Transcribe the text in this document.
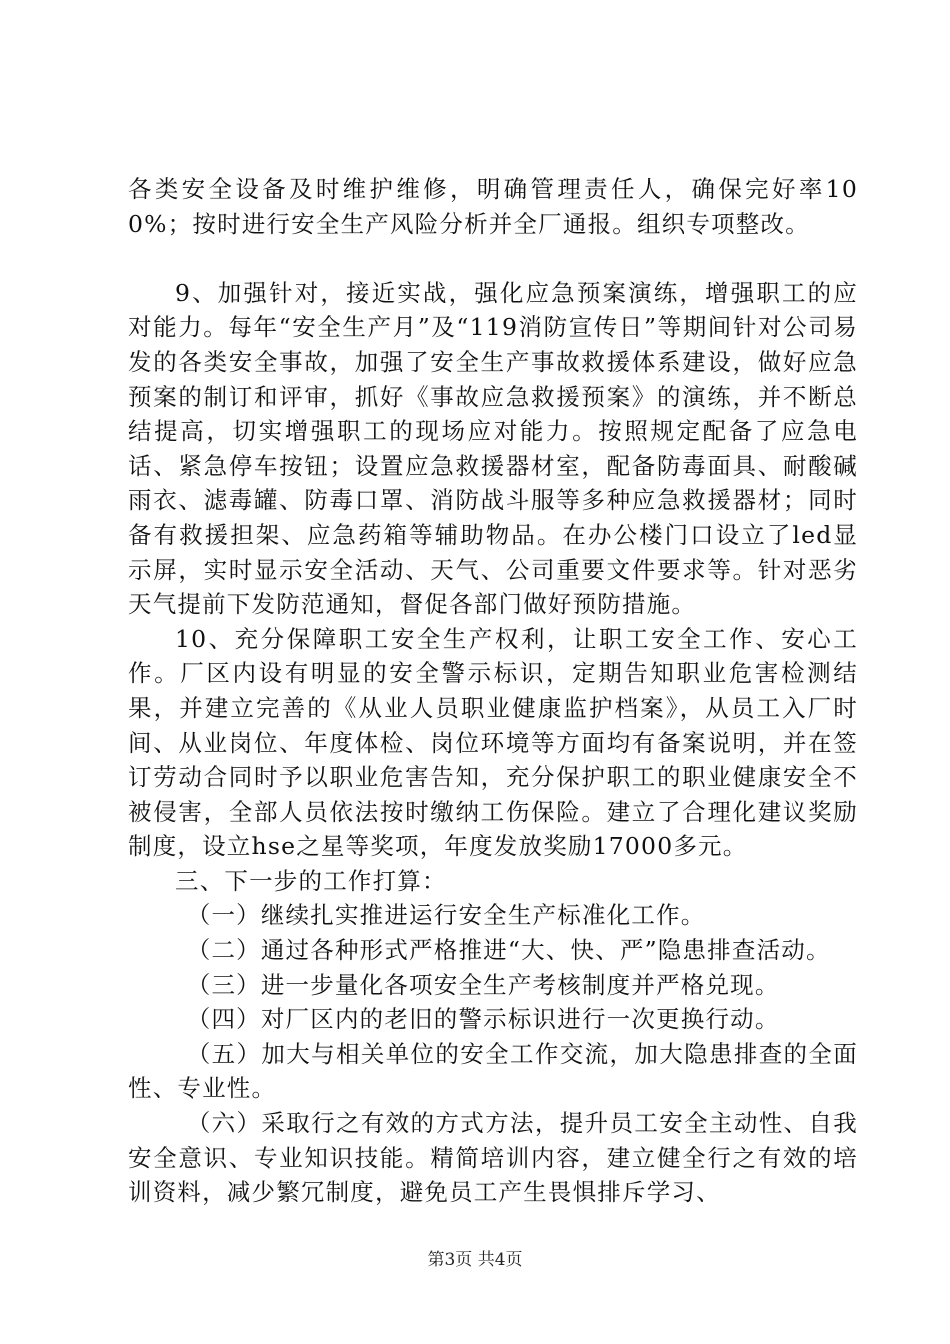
各类安全设备及时维护维修，明确管理责任人，确保完好率100%；按时进行安全生产风险分析并全厂通报。组织专项整改。

9、加强针对，接近实战，强化应急预案演练，增强职工的应对能力。每年“安全生产月”及“119消防宣传日”等期间针对公司易发的各类安全事故，加强了安全生产事故救援体系建设，做好应急预案的制订和评审，抓好《事故应急救援预案》的演练，并不断总结提高，切实增强职工的现场应对能力。按照规定配备了应急电话、紧急停车按钮；设置应急救援器材室，配备防毒面具、耐酸碱雨衣、滤毒罐、防毒口罩、消防战斗服等多种应急救援器材；同时备有救援担架、应急药箱等辅助物品。在办公楼门口设立了led显示屏，实时显示安全活动、天气、公司重要文件要求等。针对恶劣天气提前下发防范通知，督促各部门做好预防措施。

10、充分保障职工安全生产权利，让职工安全工作、安心工作。厂区内设有明显的安全警示标识，定期告知职业危害检测结果，并建立完善的《从业人员职业健康监护档案》，从员工入厂时间、从业岗位、年度体检、岗位环境等方面均有备案说明，并在签订劳动合同时予以职业危害告知，充分保护职工的职业健康安全不被侵害，全部人员依法按时缴纳工伤保险。建立了合理化建议奖励制度，设立hse之星等奖项，年度发放奖励17000多元。

三、下一步的工作打算：

（一）继续扎实推进运行安全生产标准化工作。

（二）通过各种形式严格推进“大、快、严”隐患排查活动。

（三）进一步量化各项安全生产考核制度并严格兑现。

（四）对厂区内的老旧的警示标识进行一次更换行动。

（五）加大与相关单位的安全工作交流，加大隐患排查的全面性、专业性。

（六）采取行之有效的方式方法，提升员工安全主动性、自我安全意识、专业知识技能。精简培训内容，建立健全行之有效的培训资料，减少繁冗制度，避免员工产生畏惧排斥学习、

第3页 共4页
